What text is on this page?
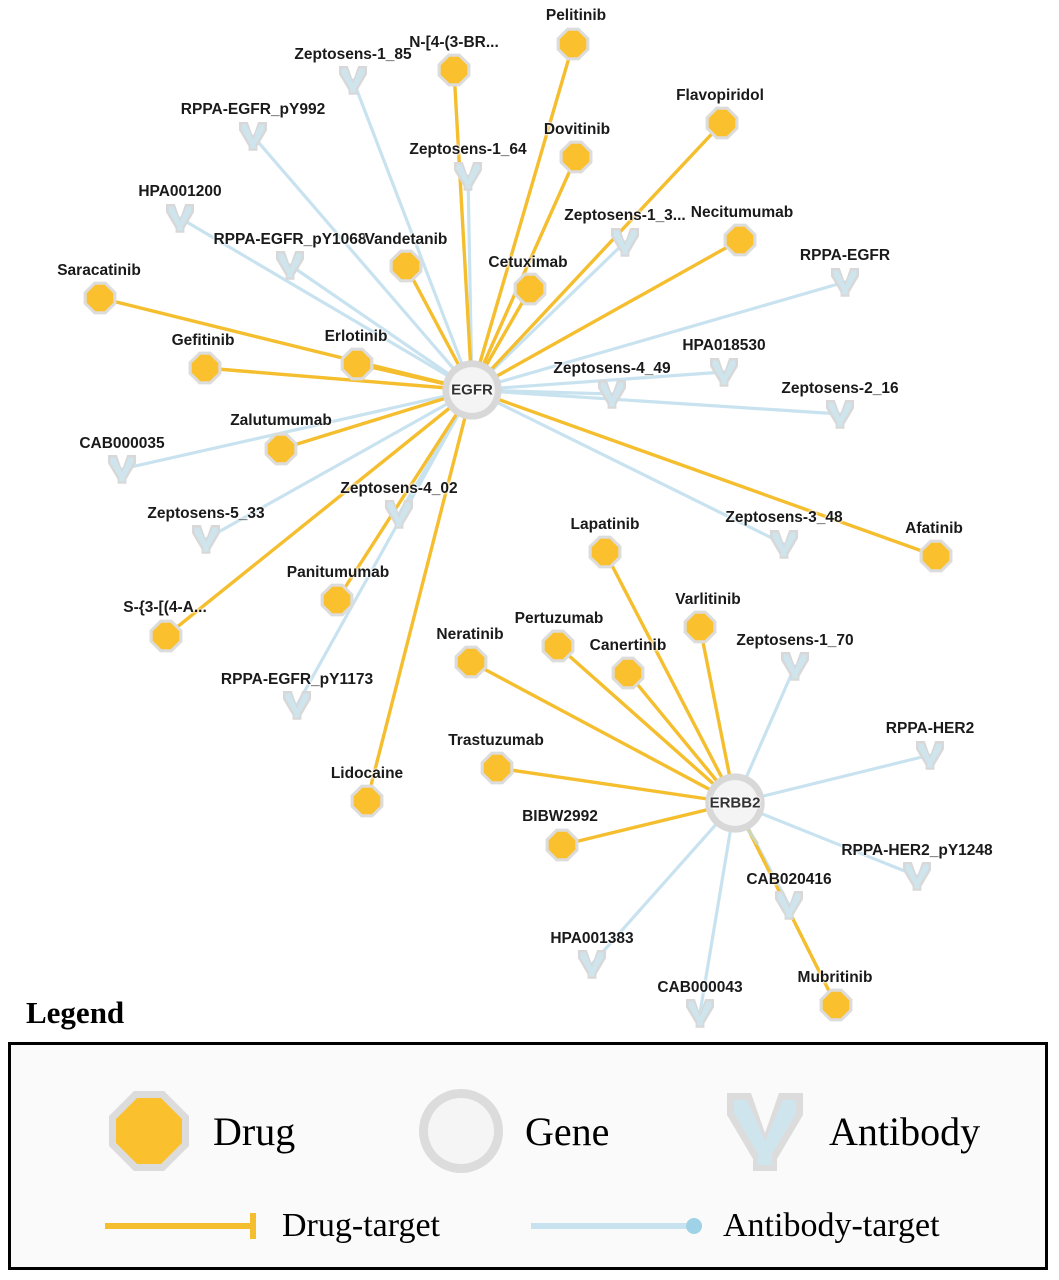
Zeptosens-1_85
RPPA-EGFR_pY992
Zeptosens-1_64
HPA001200
Zeptosens-1_3...
RPPA-EGFR_pY1068
RPPA-EGFR
HPA018530
Zeptosens-4_49
Zeptosens-2_16
CAB000035
Zeptosens-5_33
Zeptosens-4_02
Zeptosens-3_48
Zeptosens-1_70
RPPA-EGFR_pY1173
RPPA-HER2
RPPA-HER2_pY1248
CAB020416
HPA001383
CAB000043
Pelitinib
N-[4-(3-BR...
Flavopiridol
Dovitinib
Necitumumab
Vandetanib
Cetuximab
Saracatinib
Gefitinib	Erlotinib
Zalutumumab
Afatinib
Lapatinib
Varlitinib
Panitumumab
S-{3-[(4-A...
Pertuzumab
Neratinib
Canertinib
Trastuzumab
Lidocaine
BIBW2992
Mubritinib
EGFR
ERBB2
Legend
Drug	Gene	Antibody
Drug-target	Antibody-target
